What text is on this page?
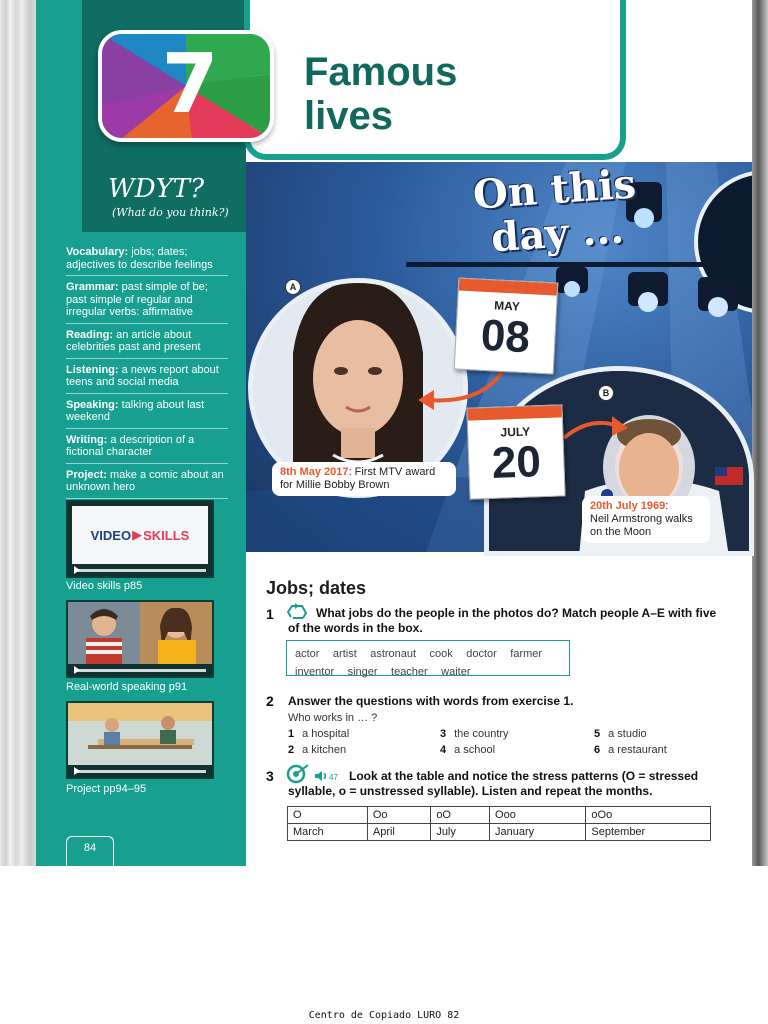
7 Famous
lives
WDYT?
(What do you think?)
Vocabulary: jobs; dates; adjectives to describe feelings
Grammar: past simple of be; past simple of regular and irregular verbs: affirmative
Reading: an article about celebrities past and present
Listening: a news report about teens and social media
Speaking: talking about last weekend
Writing: a description of a fictional character
Project: make a comic about an unknown hero
VIDEO ▶ SKILLS
Video skills p85
Real-world speaking p91
Project pp94–95
84
On this
day ...
A
B
MAY
08
JULY
20
8th May 2017: First MTV award for Millie Bobby Brown
20th July 1969:
Neil Armstrong walks on the Moon
Jobs; dates
1	What jobs do the people in the photos do? Match people A–E with five of the words in the box.
actor artist astronaut cook doctor farmer inventor singer teacher waiter
2 Answer the questions with words from exercise 1.
Who works in … ?
1 a hospital
2 a kitchen
3 the country
4 a school
5 a studio
6 a restaurant
3	47 Look at the table and notice the stress patterns (O = stressed
syllable, o = unstressed syllable). Listen and repeat the months.
O	Oo	oO	Ooo	oOo
March	April	July	January	September
Centro de Copiado LURO 82
